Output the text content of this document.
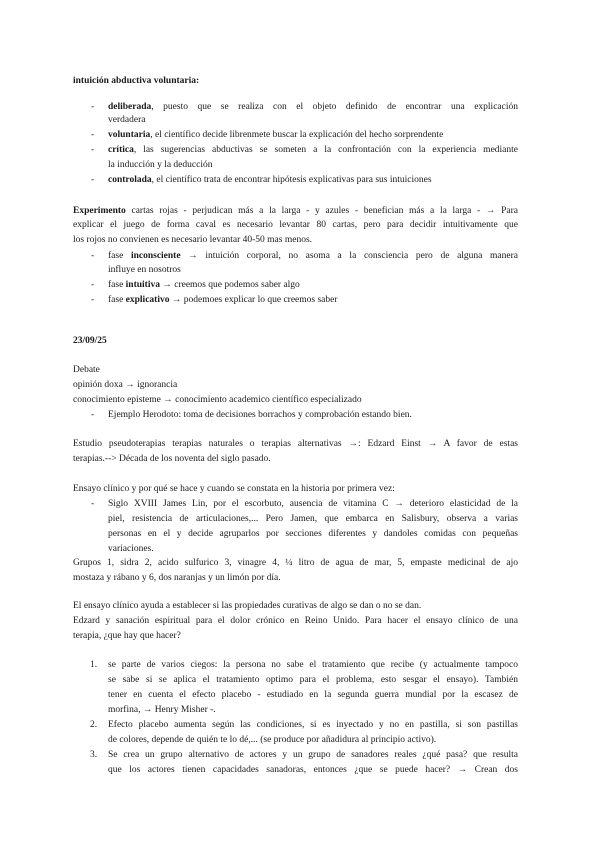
intuición abductiva voluntaria:
- deliberada, puesto que se realiza con el objeto definido de encontrar una explicación
verdadera
- voluntaria, el científico decide librenmete buscar la explicación del hecho sorprendente
- crítica, las sugerencias abductivas se someten a la confrontación con la experiencia mediante
la inducción y la deducción
- controlada, el científico trata de encontrar hipótesis explicativas para sus intuiciones
Experimento cartas rojas - perjudican más a la larga - y azules - benefician más a la larga - → Para
explicar el juego de forma caval es necesario levantar 80 cartas, pero para decidir intuitivamente que
los rojos no convienen es necesario levantar 40-50 mas menos.
- fase inconsciente → intuición corporal, no asoma a la consciencia pero de alguna manera
influye en nosotros
- fase intuitiva → creemos que podemos saber algo
- fase explicativo → podemoes explicar lo que creemos saber
23/09/25
Debate
opinión doxa → ignorancia
conocimiento episteme → conocimiento academico científico especializado
- Ejemplo Herodoto: toma de decisiones borrachos y comprobación estando bien.
Estudio pseudoterapias terapias naturales o terapias alternativas →: Edzard Einst → A favor de estas
terapias.--> Década de los noventa del siglo pasado.
Ensayo clínico y por qué se hace y cuando se constata en la historia por primera vez:
- Siglo XVIII James Lin, por el escorbuto, ausencia de vitamina C → deterioro elasticidad de la
piel, resistencia de articulaciones,... Pero Jamen, que embarca en Salisbury, observa a varias
personas en el y decide agruparlos por secciones diferentes y dandoles comidas con pequeñas
variaciones.
Grupos 1, sidra 2, acido sulfurico 3, vinagre 4, ¼ litro de agua de mar, 5, empaste medicinal de ajo
mostaza y rábano y 6, dos naranjas y un limón por día.
El ensayo clínico ayuda a establecer si las propiedades curativas de algo se dan o no se dan.
Edzard y sanación espiritual para el dolor crónico en Reino Unido. Para hacer el ensayo clínico de una
terapia, ¿que hay que hacer?
1. se parte de varios ciegos: la persona no sabe el tratamiento que recibe (y actualmente tampoco
se sabe si se aplica el tratamiento optimo para el problema, esto sesgar el ensayo). También
tener en cuenta el efecto placebo - estudiado en la segunda guerra mundial por la escasez de
morfina, → Henry Misher -.
2. Efecto placebo aumenta según las condiciones, si es inyectado y no en pastilla, si son pastillas
de colores, depende de quién te lo dé,... (se produce por añadidura al principio activo).
3. Se crea un grupo alternativo de actores y un grupo de sanadores reales ¿qué pasa? que resulta
que los actores tienen capacidades sanadoras, entonces ¿que se puede hacer? → Crean dos
